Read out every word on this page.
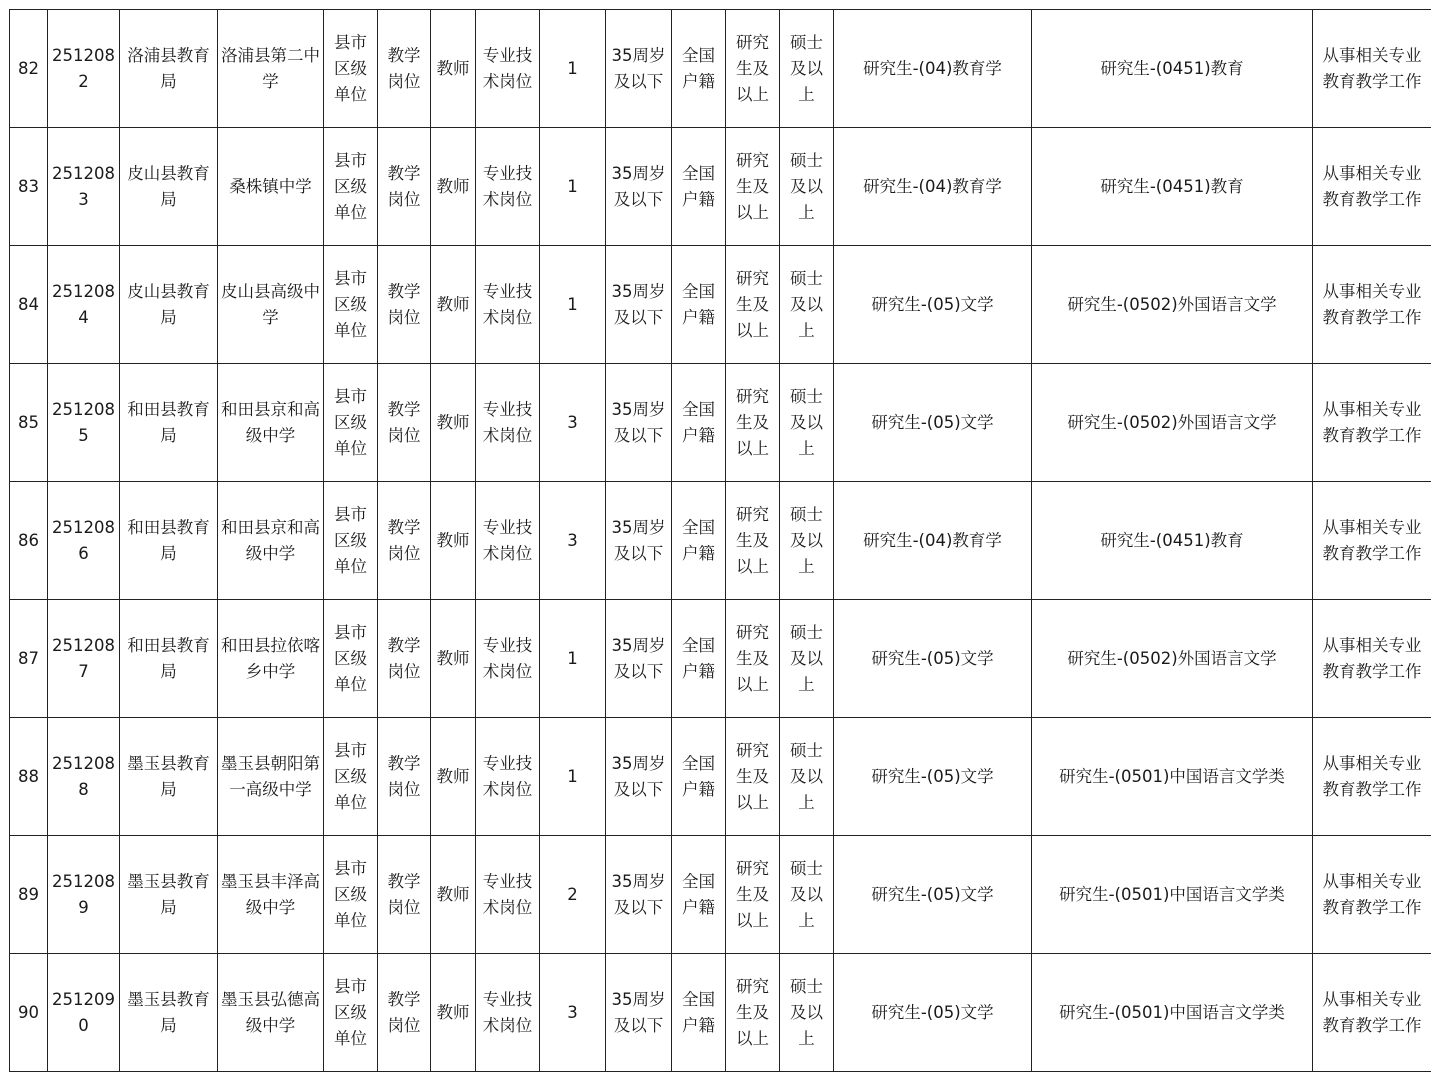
82	2512082	洛浦县教育局	洛浦县第二中学	县市区级单位	教学岗位	教师	专业技术岗位	1	35周岁及以下	全国户籍	研究生及以上	硕士及以上	研究生-(04)教育学	研究生-(0451)教育	从事相关专业教育教学工作
83	2512083	皮山县教育局	桑株镇中学	县市区级单位	教学岗位	教师	专业技术岗位	1	35周岁及以下	全国户籍	研究生及以上	硕士及以上	研究生-(04)教育学	研究生-(0451)教育	从事相关专业教育教学工作
84	2512084	皮山县教育局	皮山县高级中学	县市区级单位	教学岗位	教师	专业技术岗位	1	35周岁及以下	全国户籍	研究生及以上	硕士及以上	研究生-(05)文学	研究生-(0502)外国语言文学	从事相关专业教育教学工作
85	2512085	和田县教育局	和田县京和高级中学	县市区级单位	教学岗位	教师	专业技术岗位	3	35周岁及以下	全国户籍	研究生及以上	硕士及以上	研究生-(05)文学	研究生-(0502)外国语言文学	从事相关专业教育教学工作
86	2512086	和田县教育局	和田县京和高级中学	县市区级单位	教学岗位	教师	专业技术岗位	3	35周岁及以下	全国户籍	研究生及以上	硕士及以上	研究生-(04)教育学	研究生-(0451)教育	从事相关专业教育教学工作
87	2512087	和田县教育局	和田县拉依喀乡中学	县市区级单位	教学岗位	教师	专业技术岗位	1	35周岁及以下	全国户籍	研究生及以上	硕士及以上	研究生-(05)文学	研究生-(0502)外国语言文学	从事相关专业教育教学工作
88	2512088	墨玉县教育局	墨玉县朝阳第一高级中学	县市区级单位	教学岗位	教师	专业技术岗位	1	35周岁及以下	全国户籍	研究生及以上	硕士及以上	研究生-(05)文学	研究生-(0501)中国语言文学类	从事相关专业教育教学工作
89	2512089	墨玉县教育局	墨玉县丰泽高级中学	县市区级单位	教学岗位	教师	专业技术岗位	2	35周岁及以下	全国户籍	研究生及以上	硕士及以上	研究生-(05)文学	研究生-(0501)中国语言文学类	从事相关专业教育教学工作
90	2512090	墨玉县教育局	墨玉县弘德高级中学	县市区级单位	教学岗位	教师	专业技术岗位	3	35周岁及以下	全国户籍	研究生及以上	硕士及以上	研究生-(05)文学	研究生-(0501)中国语言文学类	从事相关专业教育教学工作
